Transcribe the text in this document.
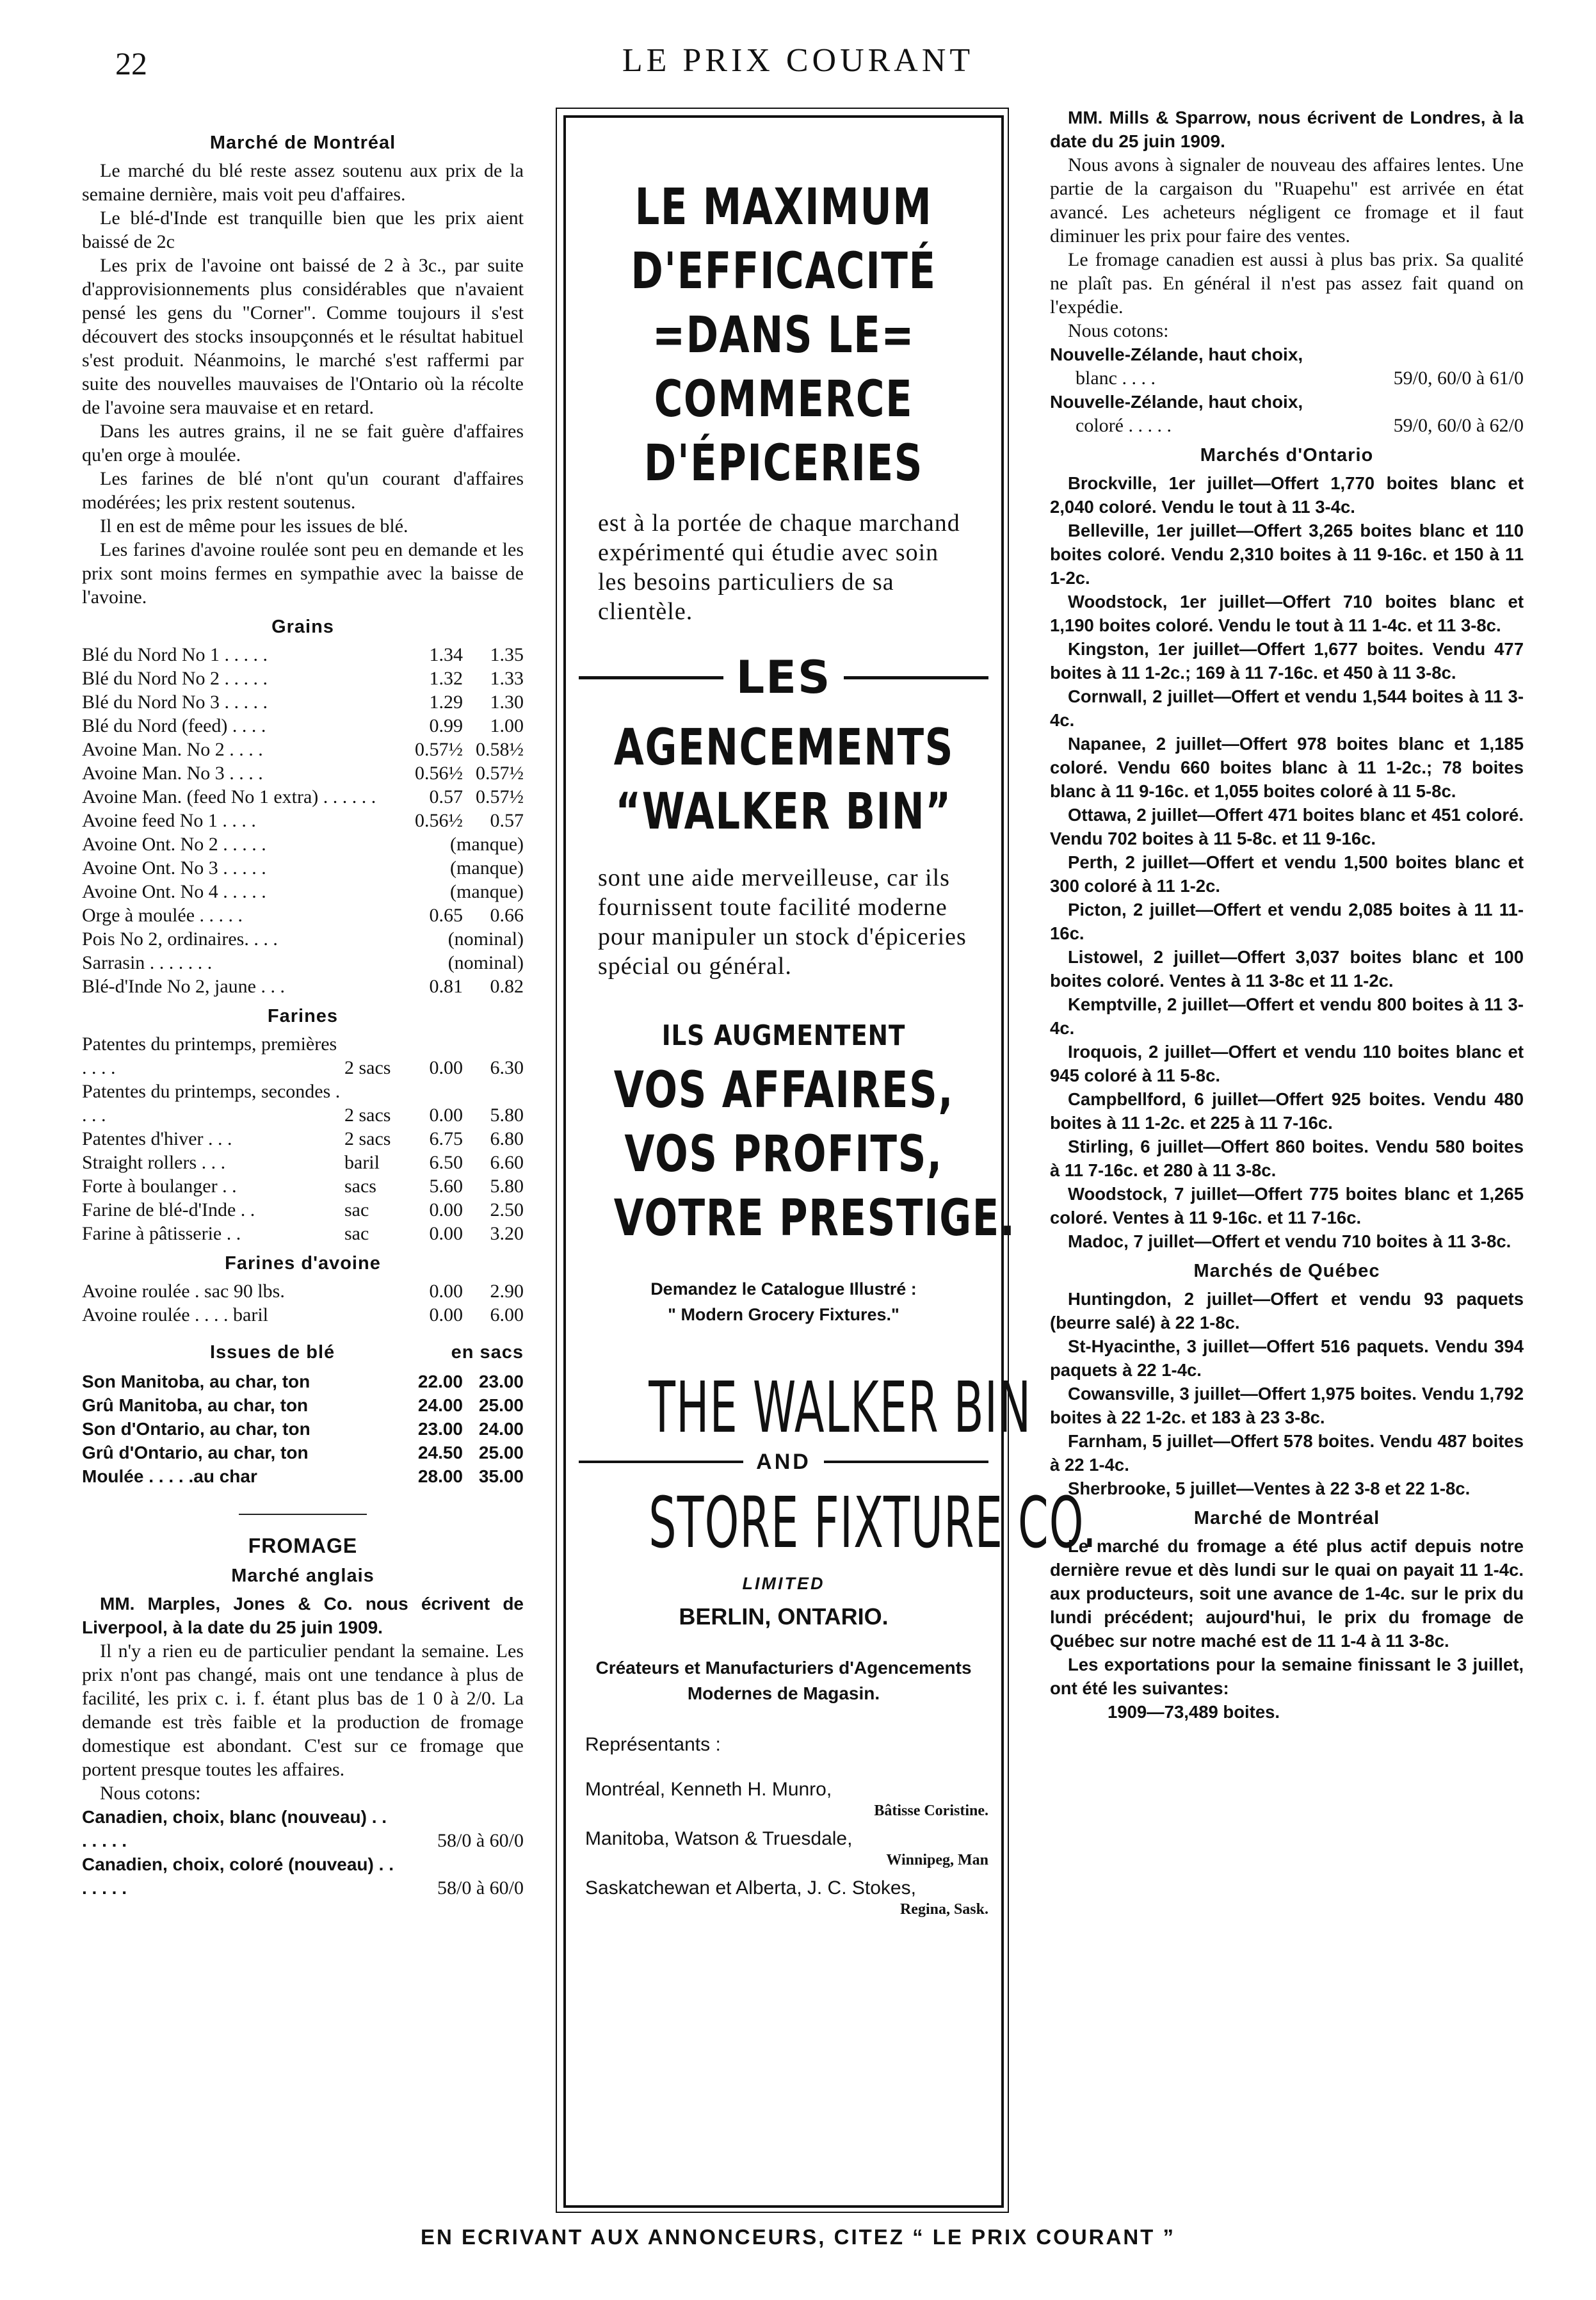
22	LE PRIX COURANT
Marché de Montréal

Le marché du blé reste assez soutenu aux prix de la semaine dernière, mais voit peu d'affaires.

Le blé-d'Inde est tranquille bien que les prix aient baissé de 2c

Les prix de l'avoine ont baissé de 2 à 3c., par suite d'approvisionnements plus considérables que n'avaient pensé les gens du "Corner". Comme toujours il s'est découvert des stocks insoupçonnés et le résultat habituel s'est produit. Néanmoins, le marché s'est raffermi par suite des nouvelles mauvaises de l'Ontario où la récolte de l'avoine sera mauvaise et en retard.

Dans les autres grains, il ne se fait guère d'affaires qu'en orge à moulée.

Les farines de blé n'ont qu'un courant d'affaires modérées; les prix restent soutenus.

Il en est de même pour les issues de blé.

Les farines d'avoine roulée sont peu en demande et les prix sont moins fermes en sympathie avec la baisse de l'avoine.

Grains
Blé du Nord No 1 . . . . .	1.34	1.35
Blé du Nord No 2 . . . . .	1.32	1.33
Blé du Nord No 3 . . . . .	1.29	1.30
Blé du Nord (feed) . . . .	0.99	1.00
Avoine Man. No 2 . . . .	0.57½ 0.58½
Avoine Man. No 3 . . . .	0.56½ 0.57½
Avoine Man. (feed No 1 extra) . . . . . .	0.57 0.57½
Avoine feed No 1 . . . .	0.56½	0.57
Avoine Ont. No 2 . . . . .	(manque)
Avoine Ont. No 3 . . . . .	(manque)
Avoine Ont. No 4 . . . . .	(manque)
Orge à moulée . . . . .	0.65	0.66
Pois No 2, ordinaires. . . .	(nominal)
Sarrasin . . . . . . .	(nominal)
Blé-d'Inde No 2, jaune . . .	0.81	0.82
Farines
Patentes du printemps, premières . . . .	2 sacs	0.00	6.30
Patentes du printemps, secondes . . . .	2 sacs	0.00	5.80
Patentes d'hiver . . .	2 sacs	6.75	6.80
Straight rollers . . .	baril	6.50	6.60
Forte à boulanger . .	sacs	5.60	5.80
Farine de blé-d'Inde . .	sac	0.00	2.50
Farine à pâtisserie . .	sac	0.00	3.20
Farines d'avoine
Avoine roulée . sac 90 lbs.	0.00	2.90
Avoine roulée . . . . baril	0.00	6.00
Issues de blé	en sacs
Son Manitoba, au char, ton	22.00 23.00
Grû Manitoba, au char, ton	24.00 25.00
Son d'Ontario, au char, ton	23.00 24.00
Grû d'Ontario, au char, ton	24.50 25.00
Moulée . . . . .au char	28.00 35.00
FROMAGE
Marché anglais

MM. Marples, Jones & Co. nous écrivent de Liverpool, à la date du 25 juin 1909.

Il n'y a rien eu de particulier pendant la semaine. Les prix n'ont pas changé, mais ont une tendance à plus de facilité, les prix c. i. f. étant plus bas de 1 0 à 2/0. La demande est très faible et la production de fromage domestique est abondant. C'est sur ce fromage que portent presque toutes les affaires.

Nous cotons:

Canadien, choix, blanc (nouveau) . . . . . . .	58/0 à 60/0
Canadien, choix, coloré (nouveau) . . . . . . .	58/0 à 60/0
LE MAXIMUM
D'EFFICACITÉ
=DANS LE=
COMMERCE
D'ÉPICERIES
est à la portée de chaque marchand expérimenté qui étudie avec soin les besoins particuliers de sa clientèle.
LES
AGENCEMENTS
“WALKER BIN”
sont une aide merveilleuse, car ils fournissent toute facilité moderne pour manipuler un stock d'épiceries spécial ou général.
ILS AUGMENTENT
VOS AFFAIRES,
VOS PROFITS,
VOTRE PRESTIGE.
Demandez le Catalogue Illustré :
" Modern Grocery Fixtures."
THE WALKER BIN
AND
STORE FIXTURE CO.
LIMITED
BERLIN, ONTARIO.
Créateurs et Manufacturiers d'Agencements Modernes de Magasin.
Représentants :
Montréal, Kenneth H. Munro,
Bâtisse Coristine.
Manitoba, Watson & Truesdale,
Winnipeg, Man
Saskatchewan et Alberta, J. C. Stokes,
Regina, Sask.

MM. Mills & Sparrow, nous écrivent de Londres, à la date du 25 juin 1909.

Nous avons à signaler de nouveau des affaires lentes. Une partie de la cargaison du "Ruapehu" est arrivée en état avancé. Les acheteurs négligent ce fromage et il faut diminuer les prix pour faire des ventes.

Le fromage canadien est aussi à plus bas prix. Sa qualité ne plaît pas. En général il n'est pas assez fait quand on l'expédie.

Nous cotons:

Nouvelle-Zélande, haut choix,

blanc . . . .	59/0, 60/0 à 61/0

Nouvelle-Zélande, haut choix,

coloré . . . . .	59/0, 60/0 à 62/0
Marchés d'Ontario

Brockville, 1er juillet—Offert 1,770 boites blanc et 2,040 coloré. Vendu le tout à 11 3-4c.

Belleville, 1er juillet—Offert 3,265 boites blanc et 110 boites coloré. Vendu 2,310 boites à 11 9-16c. et 150 à 11 1-2c.

Woodstock, 1er juillet—Offert 710 boites blanc et 1,190 boites coloré. Vendu le tout à 11 1-4c. et 11 3-8c.

Kingston, 1er juillet—Offert 1,677 boites. Vendu 477 boites à 11 1-2c.; 169 à 11 7-16c. et 450 à 11 3-8c.

Cornwall, 2 juillet—Offert et vendu 1,544 boites à 11 3-4c.

Napanee, 2 juillet—Offert 978 boites blanc et 1,185 coloré. Vendu 660 boites blanc à 11 1-2c.; 78 boites blanc à 11 9-16c. et 1,055 boites coloré à 11 5-8c.

Ottawa, 2 juillet—Offert 471 boites blanc et 451 coloré. Vendu 702 boites à 11 5-8c. et 11 9-16c.

Perth, 2 juillet—Offert et vendu 1,500 boites blanc et 300 coloré à 11 1-2c.

Picton, 2 juillet—Offert et vendu 2,085 boites à 11 11-16c.

Listowel, 2 juillet—Offert 3,037 boites blanc et 100 boites coloré. Ventes à 11 3-8c et 11 1-2c.

Kemptville, 2 juillet—Offert et vendu 800 boites à 11 3-4c.

Iroquois, 2 juillet—Offert et vendu 110 boites blanc et 945 coloré à 11 5-8c.

Campbellford, 6 juillet—Offert 925 boites. Vendu 480 boites à 11 1-2c. et 225 à 11 7-16c.

Stirling, 6 juillet—Offert 860 boites. Vendu 580 boites à 11 7-16c. et 280 à 11 3-8c.

Woodstock, 7 juillet—Offert 775 boites blanc et 1,265 coloré. Ventes à 11 9-16c. et 11 7-16c.

Madoc, 7 juillet—Offert et vendu 710 boites à 11 3-8c.

Marchés de Québec

Huntingdon, 2 juillet—Offert et vendu 93 paquets (beurre salé) à 22 1-8c.

St-Hyacinthe, 3 juillet—Offert 516 paquets. Vendu 394 paquets à 22 1-4c.

Cowansville, 3 juillet—Offert 1,975 boites. Vendu 1,792 boites à 22 1-2c. et 183 à 23 3-8c.

Farnham, 5 juillet—Offert 578 boites. Vendu 487 boites à 22 1-4c.

Sherbrooke, 5 juillet—Ventes à 22 3-8 et 22 1-8c.

Marché de Montréal

Le marché du fromage a été plus actif depuis notre dernière revue et dès lundi sur le quai on payait 11 1-4c. aux producteurs, soit une avance de 1-4c. sur le prix du lundi précédent; aujourd'hui, le prix du fromage de Québec sur notre maché est de 11 1-4 à 11 3-8c.

Les exportations pour la semaine finissant le 3 juillet, ont été les suivantes:

1909—73,489 boites.

EN ECRIVANT AUX ANNONCEURS, CITEZ “ LE PRIX COURANT ”
